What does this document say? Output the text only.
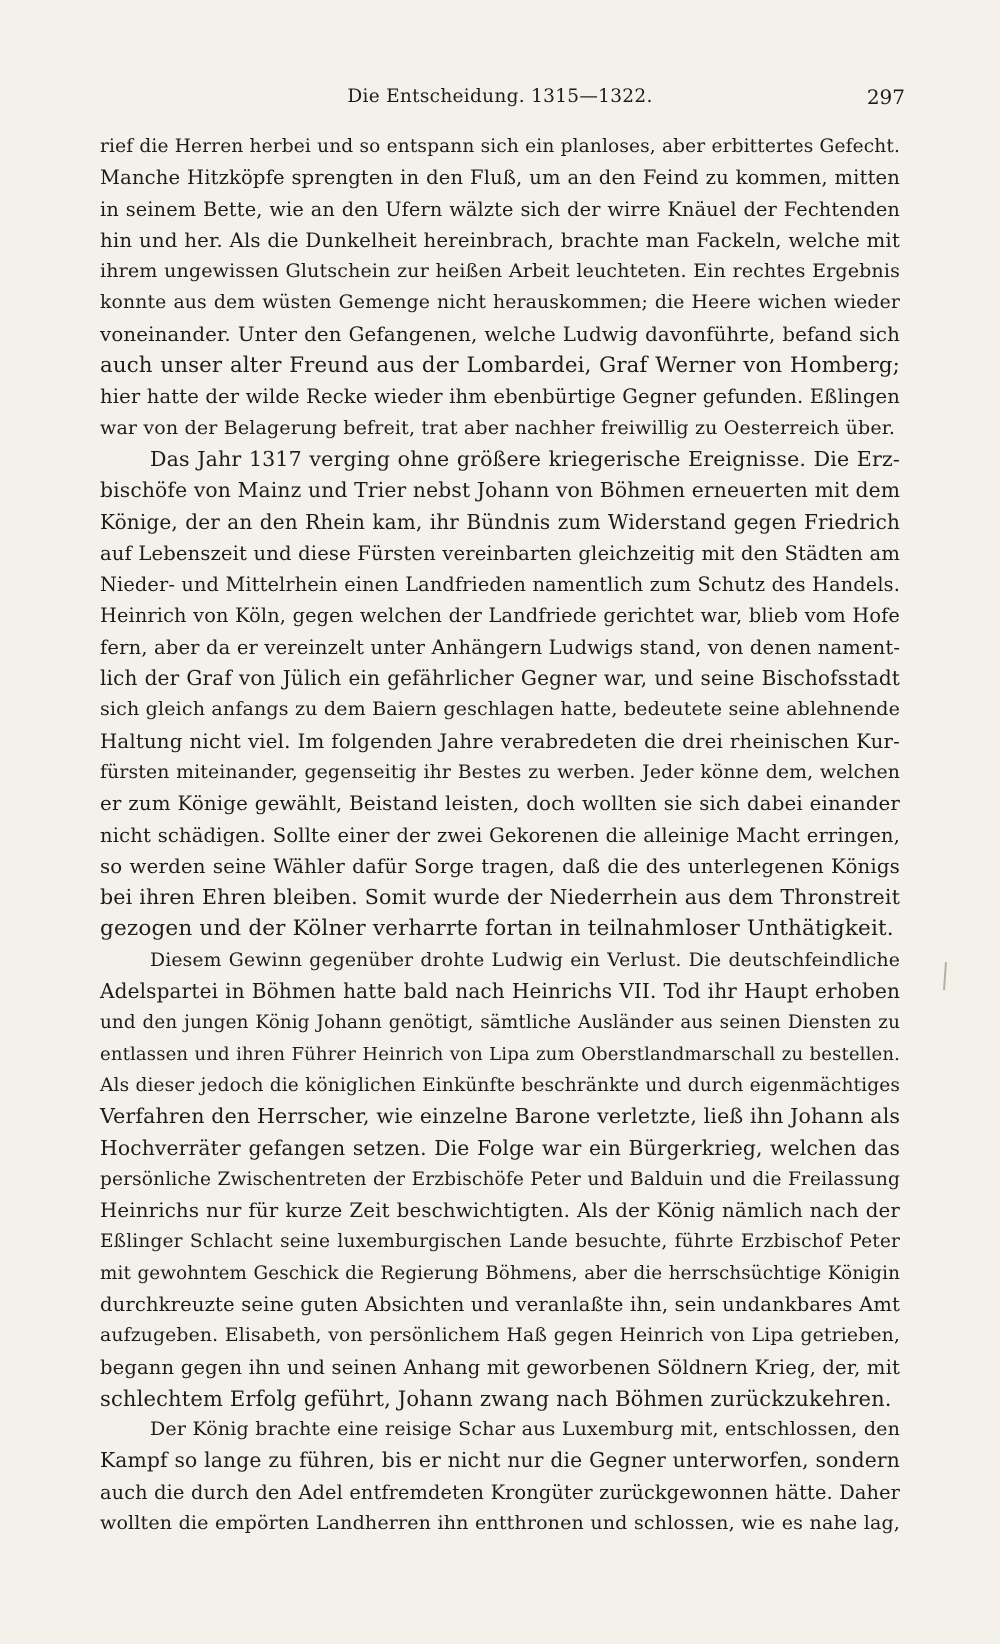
Die Entscheidung. 1315—1322.	297
rief die Herren herbei und so entspann sich ein planloses, aber erbittertes Gefecht.
Manche Hitzköpfe sprengten in den Fluß, um an den Feind zu kommen, mitten
in seinem Bette, wie an den Ufern wälzte sich der wirre Knäuel der Fechtenden
hin und her. Als die Dunkelheit hereinbrach, brachte man Fackeln, welche mit
ihrem ungewissen Glutschein zur heißen Arbeit leuchteten. Ein rechtes Ergebnis
konnte aus dem wüsten Gemenge nicht herauskommen; die Heere wichen wieder
voneinander. Unter den Gefangenen, welche Ludwig davonführte, befand sich
auch unser alter Freund aus der Lombardei, Graf Werner von Homberg;
hier hatte der wilde Recke wieder ihm ebenbürtige Gegner gefunden. Eßlingen
war von der Belagerung befreit, trat aber nachher freiwillig zu Oesterreich über.
Das Jahr 1317 verging ohne größere kriegerische Ereignisse. Die Erz-
bischöfe von Mainz und Trier nebst Johann von Böhmen erneuerten mit dem
Könige, der an den Rhein kam, ihr Bündnis zum Widerstand gegen Friedrich
auf Lebenszeit und diese Fürsten vereinbarten gleichzeitig mit den Städten am
Nieder- und Mittelrhein einen Landfrieden namentlich zum Schutz des Handels.
Heinrich von Köln, gegen welchen der Landfriede gerichtet war, blieb vom Hofe
fern, aber da er vereinzelt unter Anhängern Ludwigs stand, von denen nament-
lich der Graf von Jülich ein gefährlicher Gegner war, und seine Bischofsstadt
sich gleich anfangs zu dem Baiern geschlagen hatte, bedeutete seine ablehnende
Haltung nicht viel. Im folgenden Jahre verabredeten die drei rheinischen Kur-
fürsten miteinander, gegenseitig ihr Bestes zu werben. Jeder könne dem, welchen
er zum Könige gewählt, Beistand leisten, doch wollten sie sich dabei einander
nicht schädigen. Sollte einer der zwei Gekorenen die alleinige Macht erringen,
so werden seine Wähler dafür Sorge tragen, daß die des unterlegenen Königs
bei ihren Ehren bleiben. Somit wurde der Niederrhein aus dem Thronstreit
gezogen und der Kölner verharrte fortan in teilnahmloser Unthätigkeit.
Diesem Gewinn gegenüber drohte Ludwig ein Verlust. Die deutschfeindliche
Adelspartei in Böhmen hatte bald nach Heinrichs VII. Tod ihr Haupt erhoben
und den jungen König Johann genötigt, sämtliche Ausländer aus seinen Diensten zu
entlassen und ihren Führer Heinrich von Lipa zum Oberstlandmarschall zu bestellen.
Als dieser jedoch die königlichen Einkünfte beschränkte und durch eigenmächtiges
Verfahren den Herrscher, wie einzelne Barone verletzte, ließ ihn Johann als
Hochverräter gefangen setzen. Die Folge war ein Bürgerkrieg, welchen das
persönliche Zwischentreten der Erzbischöfe Peter und Balduin und die Freilassung
Heinrichs nur für kurze Zeit beschwichtigten. Als der König nämlich nach der
Eßlinger Schlacht seine luxemburgischen Lande besuchte, führte Erzbischof Peter
mit gewohntem Geschick die Regierung Böhmens, aber die herrschsüchtige Königin
durchkreuzte seine guten Absichten und veranlaßte ihn, sein undankbares Amt
aufzugeben. Elisabeth, von persönlichem Haß gegen Heinrich von Lipa getrieben,
begann gegen ihn und seinen Anhang mit geworbenen Söldnern Krieg, der, mit
schlechtem Erfolg geführt, Johann zwang nach Böhmen zurückzukehren.
Der König brachte eine reisige Schar aus Luxemburg mit, entschlossen, den
Kampf so lange zu führen, bis er nicht nur die Gegner unterworfen, sondern
auch die durch den Adel entfremdeten Krongüter zurückgewonnen hätte. Daher
wollten die empörten Landherren ihn entthronen und schlossen, wie es nahe lag,
